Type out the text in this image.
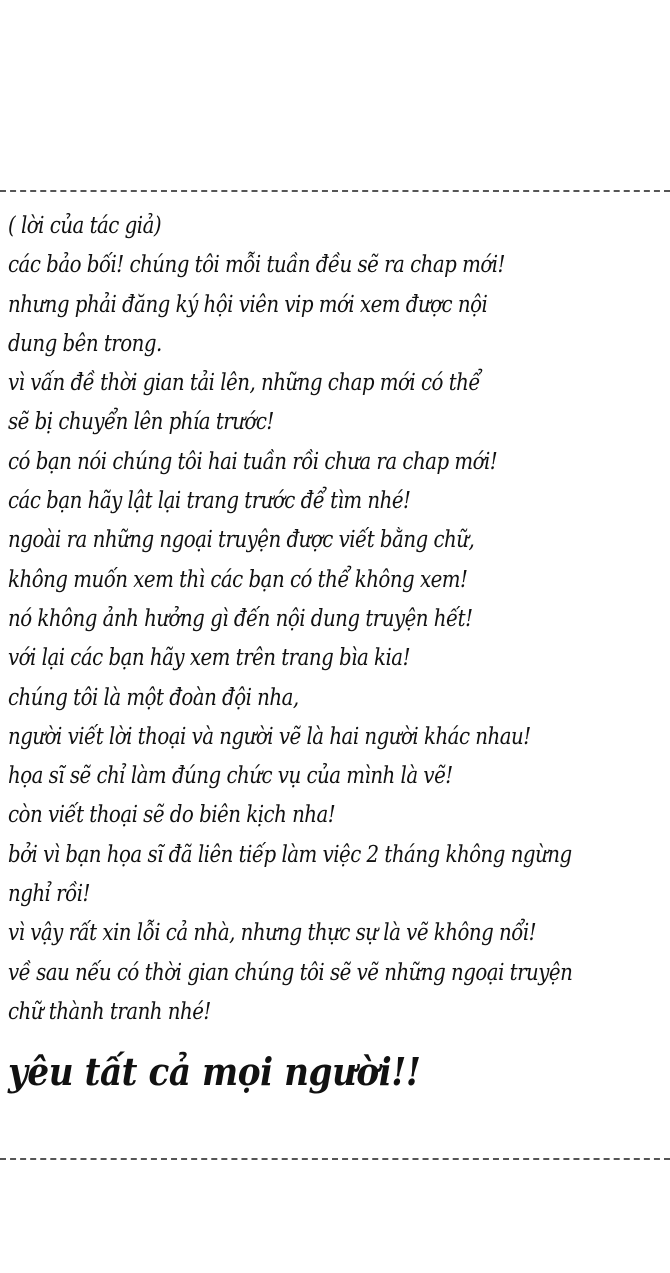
( lời của tác giả)
các bảo bối! chúng tôi mỗi tuần đều sẽ ra chap mới!
nhưng phải đăng ký hội viên vip mới xem được nội
dung bên trong.
vì vấn đề thời gian tải lên, những chap mới có thể
sẽ bị chuyển lên phía trước!
có bạn nói chúng tôi hai tuần rồi chưa ra chap mới!
các bạn hãy lật lại trang trước để tìm nhé!
ngoài ra những ngoại truyện được viết bằng chữ,
không muốn xem thì các bạn có thể không xem!
nó không ảnh hưởng gì đến nội dung truyện hết!
với lại các bạn hãy xem trên trang bìa kia!
chúng tôi là một đoàn đội nha,
người viết lời thoại và người vẽ là hai người khác nhau!
họa sĩ sẽ chỉ làm đúng chức vụ của mình là vẽ!
còn viết thoại sẽ do biên kịch nha!
bởi vì bạn họa sĩ đã liên tiếp làm việc 2 tháng không ngừng
nghỉ rồi!
vì vậy rất xin lỗi cả nhà, nhưng thực sự là vẽ không nổi!
về sau nếu có thời gian chúng tôi sẽ vẽ những ngoại truyện
chữ thành tranh nhé!
yêu tất cả mọi người!!
